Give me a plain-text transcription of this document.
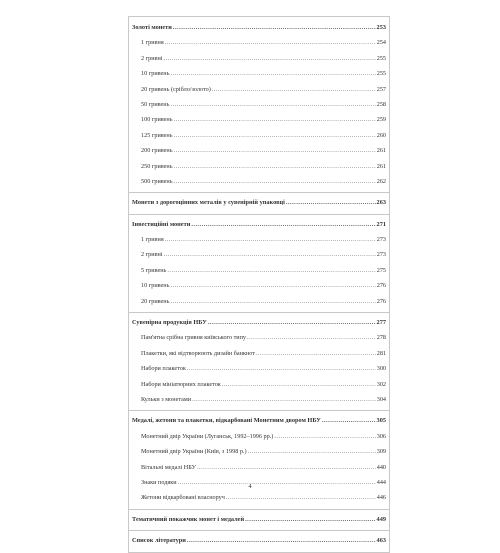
Золоті монети .....	253
1 гривня .....	254
2 гривні .....	255
10 гривень .....	255
20 гривень (срібло/золото) .....	257
50 гривень .....	258
100 гривень .....	259
125 гривень .....	260
200 гривень .....	261
250 гривень .....	261
500 гривень .....	262
Монети з дорогоцінних металів у сувенірній упаковці .....	263
Інвестиційні монети .....	271
1 гривня .....	273
2 гривні .....	273
5 гривень .....	275
10 гривень .....	276
20 гривень .....	276
Сувенірна продукція НБУ .....	277
Пам'ятна срібна гривня київського типу .....	278
Плакетки, які відтворюють дизайн банкнот .....	281
Набори плакеток .....	300
Набори мініатюрних плакеток .....	302
Кульки з монетами .....	304
Медалі, жетони та плакетки, відкарбовані Монетним двором НБУ .....	305
Монетний двір України (Луганськ, 1992–1996 рр.) .....	306
Монетний двір України (Київ, з 1998 р.) .....	309
Вітальні медалі НБУ .....	440
Знаки подяки .....	444
Жетони відкарбовані власноруч .....	446
Тематичний покажчик монет і медалей .....	449
Список літератури .....	463
4
